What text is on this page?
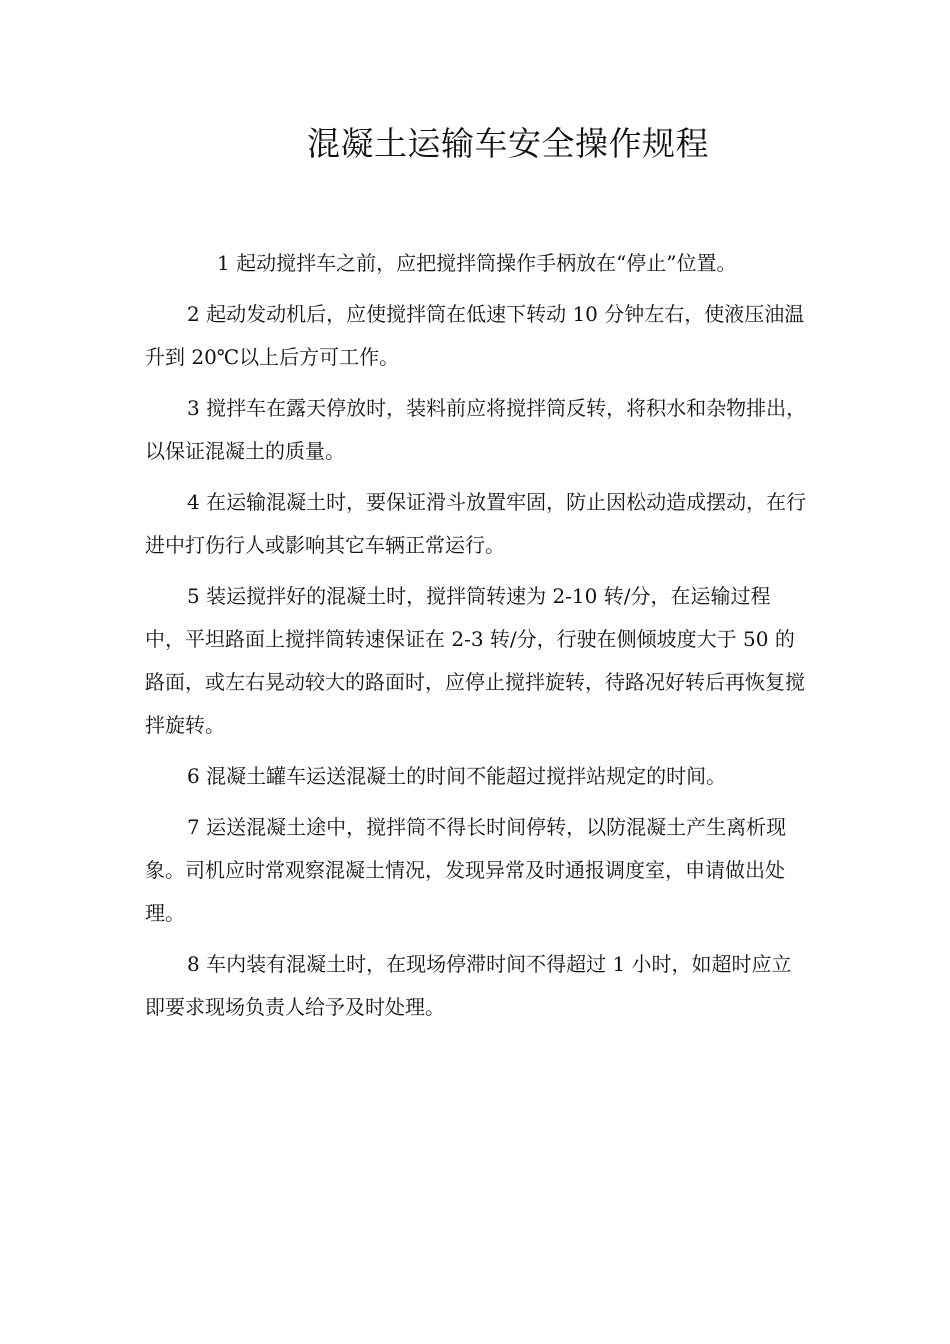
混凝土运输车安全操作规程

1 起动搅拌车之前，应把搅拌筒操作手柄放在“停止”位置。

2 起动发动机后，应使搅拌筒在低速下转动 10 分钟左右，使液压油温升到 20℃以上后方可工作。

3 搅拌车在露天停放时，装料前应将搅拌筒反转，将积水和杂物排出，以保证混凝土的质量。

4 在运输混凝土时，要保证滑斗放置牢固，防止因松动造成摆动，在行进中打伤行人或影响其它车辆正常运行。

5 装运搅拌好的混凝土时，搅拌筒转速为 2-10 转/分，在运输过程中，平坦路面上搅拌筒转速保证在 2-3 转/分，行驶在侧倾坡度大于 50 的路面，或左右晃动较大的路面时，应停止搅拌旋转，待路况好转后再恢复搅拌旋转。

6 混凝土罐车运送混凝土的时间不能超过搅拌站规定的时间。

7 运送混凝土途中，搅拌筒不得长时间停转，以防混凝土产生离析现象。司机应时常观察混凝土情况，发现异常及时通报调度室，申请做出处理。

8 车内装有混凝土时，在现场停滞时间不得超过 1 小时，如超时应立即要求现场负责人给予及时处理。
